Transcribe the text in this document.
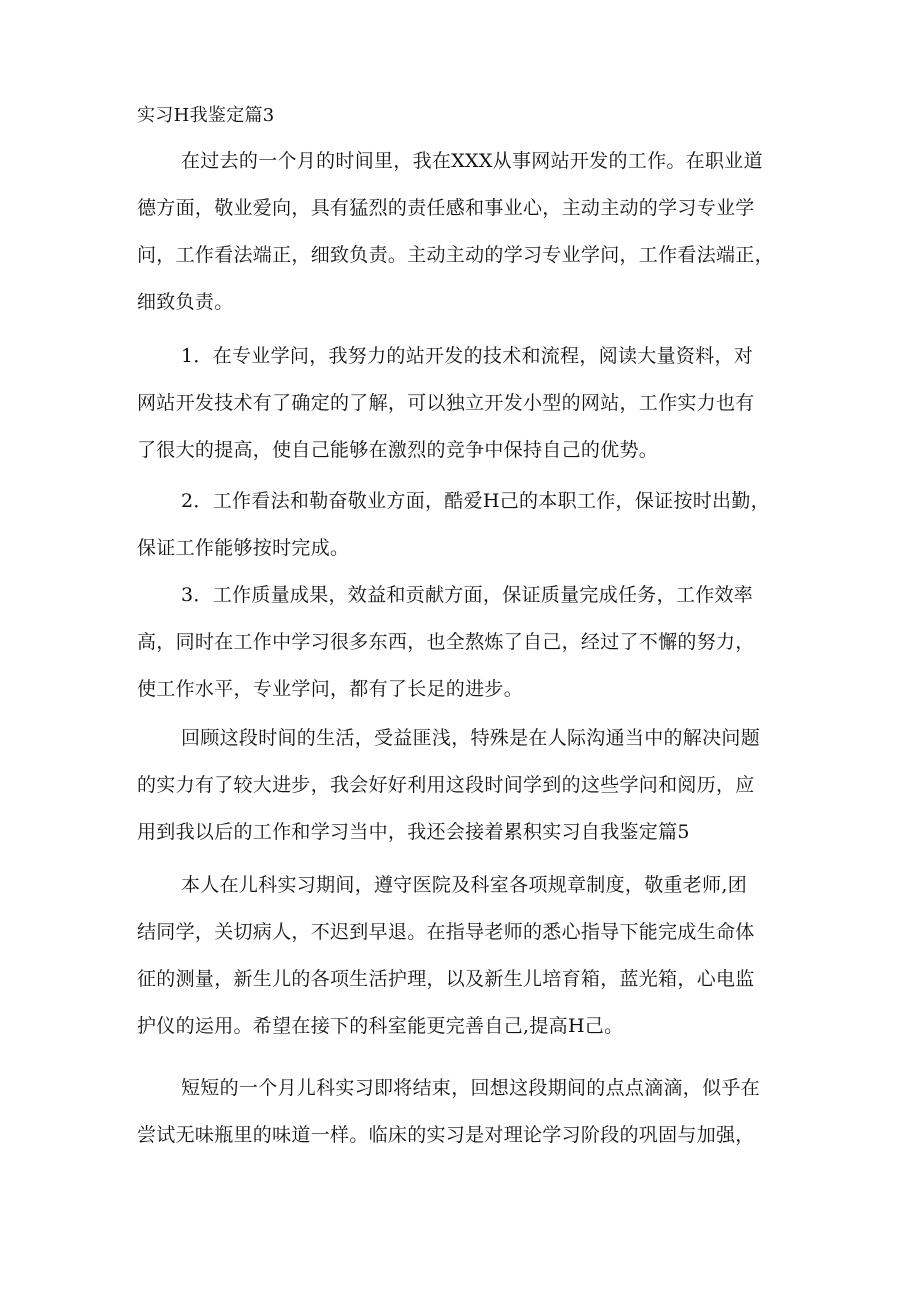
实习H我鉴定篇3
在过去的一个月的时间里，我在XXX从事网站开发的工作。在职业道
德方面，敬业爱向，具有猛烈的责任感和事业心，主动主动的学习专业学
问，工作看法端正，细致负责。主动主动的学习专业学问，工作看法端正，
细致负责。
1．在专业学问，我努力的站开发的技术和流程，阅读大量资料，对
网站开发技术有了确定的了解，可以独立开发小型的网站，工作实力也有
了很大的提高，使自己能够在激烈的竞争中保持自己的优势。
2．工作看法和勒奋敬业方面，酷爱H己的本职工作，保证按时出勤，
保证工作能够按时完成。
3．工作质量成果，效益和贡献方面，保证质量完成任务，工作效率
高，同时在工作中学习很多东西，也全熬炼了自己，经过了不懈的努力，
使工作水平，专业学问，都有了长足的进步。
回顾这段时间的生活，受益匪浅，特殊是在人际沟通当中的解决问题
的实力有了较大进步，我会好好利用这段时间学到的这些学问和阅历，应
用到我以后的工作和学习当中，我还会接着累积实习自我鉴定篇5
本人在儿科实习期间，遵守医院及科室各项规章制度，敬重老师,团
结同学，关切病人，不迟到早退。在指导老师的悉心指导下能完成生命体
征的测量，新生儿的各项生活护理，以及新生儿培育箱，蓝光箱，心电监
护仪的运用。希望在接下的科室能更完善自己,提高H己。
短短的一个月儿科实习即将结束，回想这段期间的点点滴滴，似乎在
尝试无味瓶里的味道一样。临床的实习是对理论学习阶段的巩固与加强，
